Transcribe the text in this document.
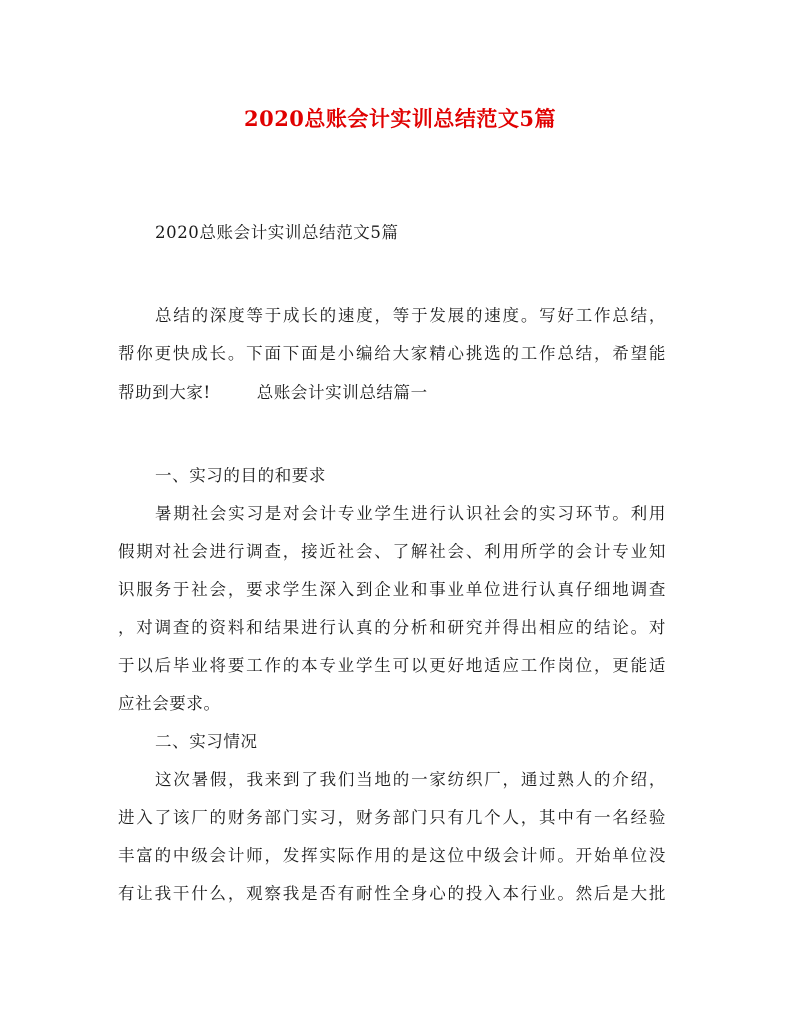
2020总账会计实训总结范文5篇
2020总账会计实训总结范文5篇
总结的深度等于成长的速度，等于发展的速度。写好工作总结，
帮你更快成长。下面下面是小编给大家精心挑选的工作总结，希望能
帮助到大家!	总账会计实训总结篇一
一、实习的目的和要求
暑期社会实习是对会计专业学生进行认识社会的实习环节。利用
假期对社会进行调查，接近社会、了解社会、利用所学的会计专业知
识服务于社会，要求学生深入到企业和事业单位进行认真仔细地调查
，对调查的资料和结果进行认真的分析和研究并得出相应的结论。对
于以后毕业将要工作的本专业学生可以更好地适应工作岗位，更能适
应社会要求。
二、实习情况
这次暑假，我来到了我们当地的一家纺织厂，通过熟人的介绍，
进入了该厂的财务部门实习，财务部门只有几个人，其中有一名经验
丰富的中级会计师，发挥实际作用的是这位中级会计师。开始单位没
有让我干什么，观察我是否有耐性全身心的投入本行业。然后是大批
